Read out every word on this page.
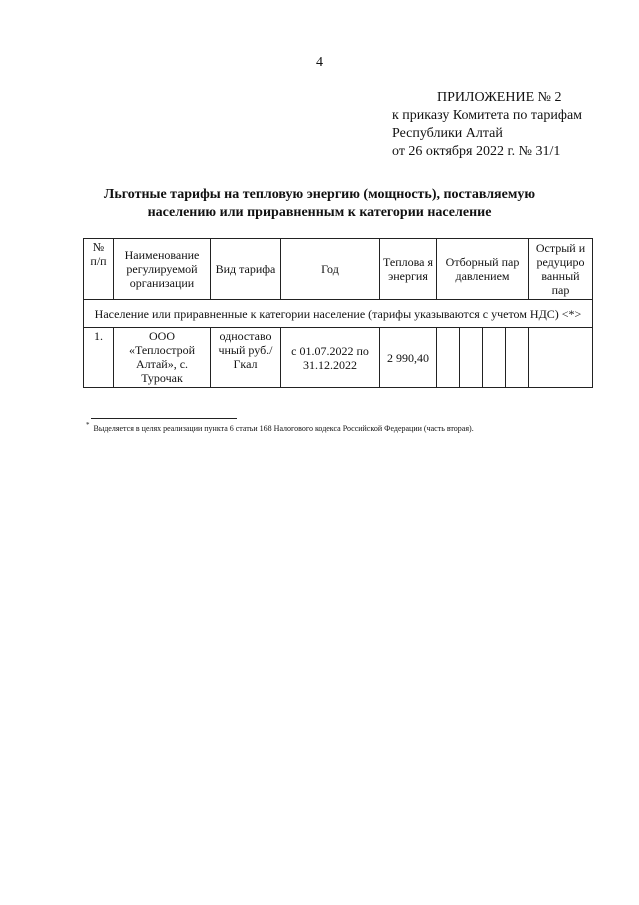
4
ПРИЛОЖЕНИЕ № 2
к приказу Комитета по тарифам
Республики Алтай
от 26 октября 2022 г. № 31/1
Льготные тарифы на тепловую энергию (мощность), поставляемую
населению или приравненным к категории население
№ п/п	Наименование регулируемой организации	Вид тарифа	Год	Теплова я энергия	Отборный пар давлением				Острый и редуциро ванный пар
Население или приравненные к категории население (тарифы указываются с учетом НДС) <*>									
1.	ООО «Теплострой Алтай», с. Турочак	одноставо чный руб./Гкал	с 01.07.2022 по 31.12.2022	2 990,40					
* Выделяется в целях реализации пункта 6 статьи 168 Налогового кодекса Российской Федерации (часть вторая).
